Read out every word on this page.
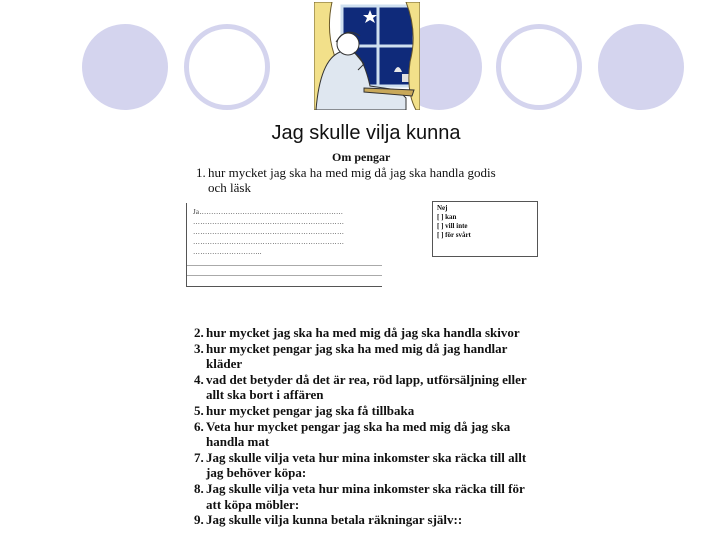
Jag skulle vilja kunna
Om pengar
1. hur mycket jag ska ha med mig då jag ska handla godis
och läsk
Ja……………………………………………………
………………………………………………………
………………………………………………………
………………………………………………………
………………………..
Nej
[ ] kan
[ ] vill inte
[ ] för svårt
2. hur mycket jag ska ha med mig då jag ska handla skivor
3. hur mycket pengar jag ska ha med mig då jag handlar
kläder
4. vad det betyder då det är rea, röd lapp, utförsäljning eller
allt ska bort i affären
5. hur mycket pengar jag ska få tillbaka
6. Veta hur mycket pengar jag ska ha med mig då jag ska
handla mat
7. Jag skulle vilja veta hur mina inkomster ska räcka till allt
jag behöver köpa:
8. Jag skulle vilja veta hur mina inkomster ska räcka till för
att köpa möbler:
9. Jag skulle vilja kunna betala räkningar själv::
